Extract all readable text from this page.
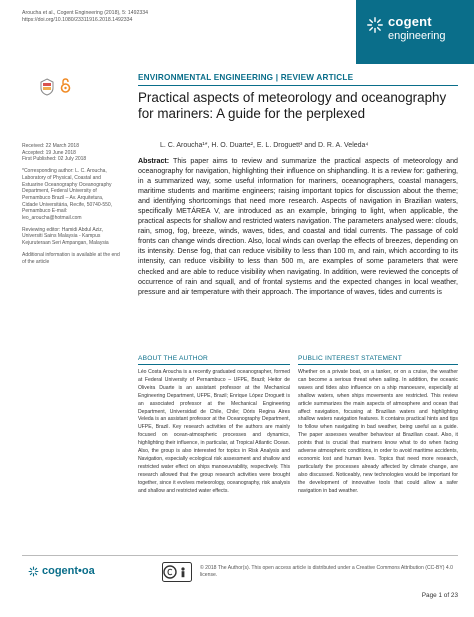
Aroucha et al., Cogent Engineering (2018), 5: 1492334
https://doi.org/10.1080/23311916.2018.1492334	cogent
engineering
ENVIRONMENTAL ENGINEERING | REVIEW ARTICLE
Practical aspects of meteorology and oceanography for mariners: A guide for the perplexed
L. C. Aroucha¹*, H. O. Duarte², E. L. Droguett³ and D. R. A. Veleda⁴

Received: 22 March 2018
Accepted: 19 June 2018
First Published: 02 July 2018

*Corresponding author: L. C. Aroucha, Laboratory of Physical, Coastal and Estuarine Oceanography Oceanography Department, Federal University of Pernambuco Brazil – Av. Arquitetura, Cidade Universitária, Recife, 50740-550, Pernambuco E-mail: leo_aroucha@hotmail.com

Reviewing editor: Hamidi Abdul Aziz, Universiti Sains Malaysia - Kampus Kejuruteraan Seri Ampangan, Malaysia

Additional information is available at the end of the article

Abstract: This paper aims to review and summarize the practical aspects of meteorology and oceanography for navigation, highlighting their influence on shiphandling. It is a review for: gathering, in a summarized way, some useful information for mariners, oceanographers, coastal managers, maritime students and maritime engineers; raising important topics for discussion about the theme; and identifying shortcomings that need more research. Aspects of navigation in Brazilian waters, specifically METÁREA V, are introduced as an example, bringing to light, when applicable, the practical aspects for shallow and restricted waters navigation. The parameters analysed were: clouds, rain, smog, fog, breeze, winds, waves, tides, and coastal and tidal currents. The passage of cold fronts can change winds direction. Also, local winds can overlap the effects of breezes, depending on its intensity. Dense fog, that can reduce visibility to less than 100 m, and rain, which according to its intensity, can reduce visibility to less than 500 m, are examples of some parameters that were checked and are able to reduce visibility when navigating. In addition, were reviewed the concepts of occurrence of rain and squall, and of frontal systems and the expected changes in local weather, pressure and air temperature with their approach. The importance of waves, tides and currents is
ABOUT THE AUTHOR
Léo Costa Aroucha is a recently graduated oceanographer, formed at Federal University of Pernambuco – UFPE, Brazil; Heitor de Oliveira Duarte is an assistant professor at the Mechanical Engineering Department, UFPE, Brazil; Enrique López Droguett is an associated professor at the Mechanical Engineering Department, Universidad de Chile, Chile; Dóris Regina Aires Veleda is an assistant professor at the Oceanography Department, UFPE, Brazil. Key research activities of the authors are mainly focused on ocean-atmospheric processes and dynamics, highlighting their influence, in particular, at Tropical Atlantic Ocean. Also, the group is also interested for topics in Risk Analysis and Navigation, especially ecological risk assessment and shallow and restricted water effect on ships manoeuvrability, respectively. This research allowed that the group research activities were brought together, since it evolves meteorology, oceanography, risk analysis and shallow and restricted water effects.
PUBLIC INTEREST STATEMENT
Whether on a private boat, on a tanker, or on a cruise, the weather can become a serious threat when sailing. In addition, the oceanic waves and tides also influence on a ship manoeuvre, especially at shallow waters, when ships movements are restricted. This review article summarizes the main aspects of atmosphere and ocean that affect navigation, focusing at Brazilian waters and highlighting shallow waters navigation features. It contains practical hints and tips to follow when navigating in bad weather, being useful as a guide. The paper assesses weather behaviour at Brazilian coast. Also, it points that is crucial that mariners know what to do when facing adverse atmospheric conditions, in order to avoid maritime accidents, economic lost and human lives. Topics that need more research, particularly the processes already affected by climate change, are also discussed. Noticeably, new technologies would be important for the development of innovative tools that could allow a safer navigation in bad weather.
cogent•oa	© 2018 The Author(s). This open access article is distributed under a Creative Commons Attribution (CC-BY) 4.0 license.
Page 1 of 23
